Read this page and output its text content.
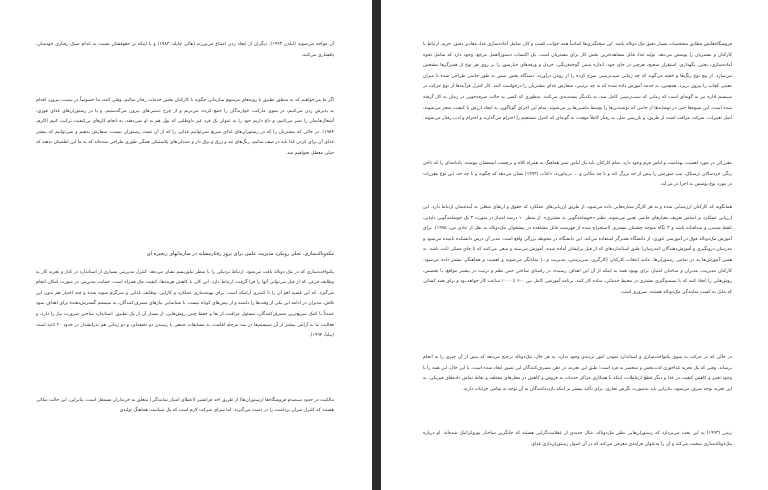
آن مواجه می‌شوند (لیلدن ۱۹۹۳). دیگران از ایجاد زدن امتناع می‌ورزند (هالی چاپلد، ۱۹۸۳) و یا اینکه بر حقوقشان نسبت به اندام سبک رفتاری خودشان، پافشاری می‌کنند.

اگر ما می‌خواهیم که به منظور تطبیق با رویه‌های مرسوم سازمانی چگونه با کارکنان بخش خدمات رفتار نمائیم، وقتی کمه، ما خصوصاً در پیمیب بیرون، اقدام به پذیرش زدن می‌کنیم، در سوی مارکت، خوارندگان را جمع کرده، می‌بریم و از چرخ دستی‌های بیرون می‌گذشتیم، و یا در رستوران‌های غذای فوری، آشغال‌هایمان را تمیز می‌کنیم، و داغ داریم خود را به عنوان یک فرد غیر داوطلبی که پول هم به او نمی‌دهند، به انجام کارهای بی‌کیفیت ترکیب کنیم (اکرم، ۱۹۸۴). در حالی که مشتریان را که در رستوران‌های غذای سریع نمی‌توانیم غذایی را که از آن تست رستوران نیست، سفارش بدهیم و نمی‌توانیم که بیشتر غذای آن برای کردن غذا باید در صف بمانیم، رنگ‌های تند و زرق و برق دار و صندلی‌های پلاستیکی همگی طوری طراحی شده‌اند که به ما این اطمینان بدهند که خیلی معطل نخواهیم شد.

مکدونالدسازی، تجلی رویکرد مدیریت علمی برای بروز رفتارمشابه در سازمانهای زنجیره ای

یکنواخت‌سازی که در مک دونالد یافت می‌شود، ارتباط نزدیکی را با منظر تیلوریسم نشان می‌دهد. کنترل مدیریتی بسیاری از استاندارد در کنار و تجزیه کار به وظایف فرعی که از قبل می‌توانی آنها را فرا گرفت، ارتباط دارد. این کار، با کاهش هزینه‌ها، کیفیت مک همراه است. حمایت مدیریتی در صورت امکان انجام می‌گیرد. که این قضیه لغو آن را تا کمتری آرامکه است، برای بهینه‌سازی عملکرد و کارایی، وظایف غذایی و سرگرم شوید شده و چند اختیار هم بدون این تلاش، مدیران در ادامه این یکی از وقت‌ها را داشته و از بیش‌های کوتاه نیست. با شناسایی نیازهای مصرف‌کنندگان، به سیستم گسترش‌دهنده برای اهداف سود عمدتاً با کمک سریع‌ترین مصرف‌کنندگان، مسئول مراقبت از بقا و حفظ چنین روش‌هایی، از بسیار آن از یک تطبیق. استاندارد ساختن ضرورت نیاز را دارد، و فعالیت ما به آرامی بیشتر از آن سیستم‌ها در سه مرحله اقامت، به مسابقات جمعی با رسیدن دو دقیقه‌ای، و دو زمانی هم به‌رانشدار در حدود ۲۰ ثانیه است (بیلیا، ۱۹۹۴).

مالکیت در حدود سیصدم فروشگاه‌ها (رستوران‌ها) از طریق اخذ فرانشیز (اعطای امتیاز نمایندگی) متعلق به خریداران مستقل است، بنابراین، این حالت مکانی هستند که کنترل میزان برداشت را در دست می‌گیرند. اما سرای شرکت لازم است که یک سیاست هماهنگ تولیدی

فروشگاه‌هایش مطابق مشخصات بسیار دقیق مک دونالد باشد. این سختگیری‌ها اساساً همه جوانب کسب و کار، شامل آماده‌سازی غذا، مقادیر دقیق، خرید، ارتباط با کارکنان و مشتریان را پوشش می‌دهد. تولید غذا، قابل مشاهده‌ترین بخش کار برای مشتریان است. یک اکتساب دستورالعمل مرجع، وجود دارد که شامل نحوه آماده‌سازی، پختن، نگهداری، استقرار صحیح، هرچیز در جای خود، اندازه سس گوجه‌فرنگی، خردل و ورقه‌های خیارشور را بر روی هر نوع از همبرگرها مشخص می‌سازد. از پنج نوع رنگ‌ها و خشه می‌گوید که چه زمانی سیب‌زمینی سرخ کرده را از روغن درآورند. دستگاه پخش سس به طور خاصی طراحی شده تا میزان معینی کچاپ را بیرون بریزد. همچنین، به خدمه آموزش داده شده که به چه ترتیبی، سفارش غذای مشتریان را درخواست کنند. کار کنترل فرآیندها از نوع حرکت در سیستم اداره نیز به گونه‌ای است که زمانی که سیب‌زمینی کامل شد، به یکدیگر بسته‌بندی می‌کنند. به‌طوری که کسی به حالت صرفه‌جویی در زمان به کار گرفته شده است. این شیوه‌ها حتی در نوشابه‌ها از جانبی که نوشیدنی‌ها را توسط ماشین‌ها پر می‌شوند. تمام این اجزای گوناگون، به ایجاد ارزش با کیفیت منجر می‌شوند، اصل تغییرات، شرکت مراقب است از طریق، و بازرسی مثل، به رفتار کاملاً موقت، به گونه‌ای که کنترل مستقیم را احترام می‌گذارند و احترام و ادب رفتار می‌شوند.

مقرراتی در مورد اهمیت، بهداشت و لباس فرم وجود دارد. تمام کارکنان باید یک لباس تمیز هماهنگ به همراه کلاه و برچسب اسمشان بپوشند. یادنامه‌ای را که ناخن رنگی خردسالان ترسناک، تیپ صورتش را بیش از حد بزرگ کند و با چه مکانی و ... درنیاورند، «کتاب (۱۹۹۳) نشان می‌دهد که چگونه و تا چه حد، این نوع مقررات در مورد نوع پوشش به اجرا در می‌آید.

همانگونه که کارکنان ارزشیابی شده و به هر کارگر ستاره‌هایی داده می‌شود، از طریق ارزیابی‌های عملکرد که حقوق و ارتقای شغلی به آینده‌شان ارتباط دارد. این ارزیابی عملکرد بر اساس تعریف معیارهای خاصی تعیین می‌شوند. نظیر «خوشامدگویی به مشتری». از منظر ۱۰ درصد امتیاز در صورت ۳ یک خوشامدگویی دلپذیر، تلفظ شنیدن و صداقتانه باشد و ۳ نگاه متوجه چشمان مشتری (استخراج شده از فهرست قابل مشاهده در پیشخوان مک‌دونالد به نقل از عادی من، ۱۹۹۵). برای آموزش مک‌دونالد فوق در آموزشی تئوری، از دانشگاه همبرگر استفاده می‌کند. این دانشگاه در محوطه بزرگی واقع است. مدیر آن درس دانشکده نامیده می‌شود و مدرسان درونگیری و آموزش‌دهندگان (مدرسان) طبق استانداردهای که از قبل برایشان آماده شده، آموزش می‌بینند و سعی می‌کنند که تا جای ممکن ثابت باشد. به همین آموزش‌ها به در تمامی رستوران‌ها، مانند انتخاب کارکنان (کارگری، سرپرستی، مدیریت و...) نمایانگر می‌شوند و اهمیت و هماهنگی بیشتر داده می‌شود. کارکنان مدیریت، مدیران و صاحبان امتیاز، برای بهبود همه به اینکه از آن این اهداف رسیده، در راستای ساختن حس نظم و ترتیب در بیشتر مواقع، با تخصص، روش‌هایی را اتخاذ کنند که با تصمیم‌گیری مشتری در محیط خدماتی، ساده کار کنند. برنامه آموزشی کامل بین ۶۰۰ تا ۱۰۰۰ ساعت کار خواهد بود و برای همه کسانی که مایل به کسب نمایندگی مک‌دونالد هستند، ضروری است.

در حالی که در حرکت به سوی یکنواخت‌سازی و استاندارد نمودن امور تردیدی وجود ندارد، به هر حال، مک‌دونالد ترجیح می‌دهد که بیش از آن چیزی را به انجام برساند. وقتی که یک تجربه غذاخوری لذت‌بخش و منحصر به فرد است؛ طبق این تجربه، در ذهن مصرف‌کنندگان این تصور ایجاد شده است. با این حال، این همه را با وجود تغییر و کاهش کیفیت در غذا و دیگر قطع ارتباطات، اینکه با همکاری مراکز خدمات به فروش و کاهش در محل‌های مختلف و نقاط تماس داده‌های فیزیکی، به این تجربه توجه صرف می‌شود، بنابراین باید به‌صورت نگرش تجاری، برای تأکید بیشتر بر اینکه بازدیدکنندگان به آن توجه به تمامی جزئیات دارند.

ریتزر (۱۹۹۳) به این بحث می‌پردازد که رستوران‌هایی نظیر مک‌دونالد، مثال جدیدی از عقلانیت‌گرایی هستند که جایگزین ساختار بوروکراتیک شده‌اند. او درباره مک‌دونالدسازی صحبت می‌کند و آن را به‌عنوان فرایندی معرفی می‌کند که در آن اصول رستوران‌داری غذای
